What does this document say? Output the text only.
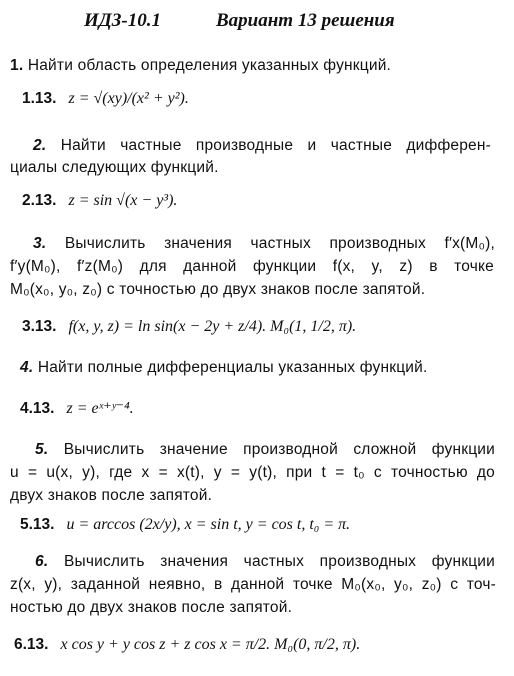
ИДЗ-10.1	Вариант 13 решения
1. Найти область определения указанных функций.
1.13. z = √(xy)/(x² + y²).
2. Найти частные производные и частные дифферен-
циалы следующих функций.
2.13. z = sin √(x − y³).
3. Вычислить значения частных производных f′x(M₀),
f′y(M₀), f′z(M₀) для данной функции f(x, y, z) в точке
M₀(x₀, y₀, z₀) с точностью до двух знаков после запятой.
3.13. f(x, y, z) = ln sin(x − 2y + z/4). M₀(1, 1/2, π).
4. Найти полные дифференциалы указанных функций.
4.13. z = eˣ⁺ʸ⁻⁴.
5. Вычислить значение производной сложной функции
u = u(x, y), где x = x(t), y = y(t), при t = t₀ с точностью до
двух знаков после запятой.
5.13. u = arccos (2x/y), x = sin t, y = cos t, t₀ = π.
6. Вычислить значения частных производных функции
z(x, y), заданной неявно, в данной точке M₀(x₀, y₀, z₀) с точ-
ностью до двух знаков после запятой.
6.13. x cos y + y cos z + z cos x = π/2. M₀(0, π/2, π).
